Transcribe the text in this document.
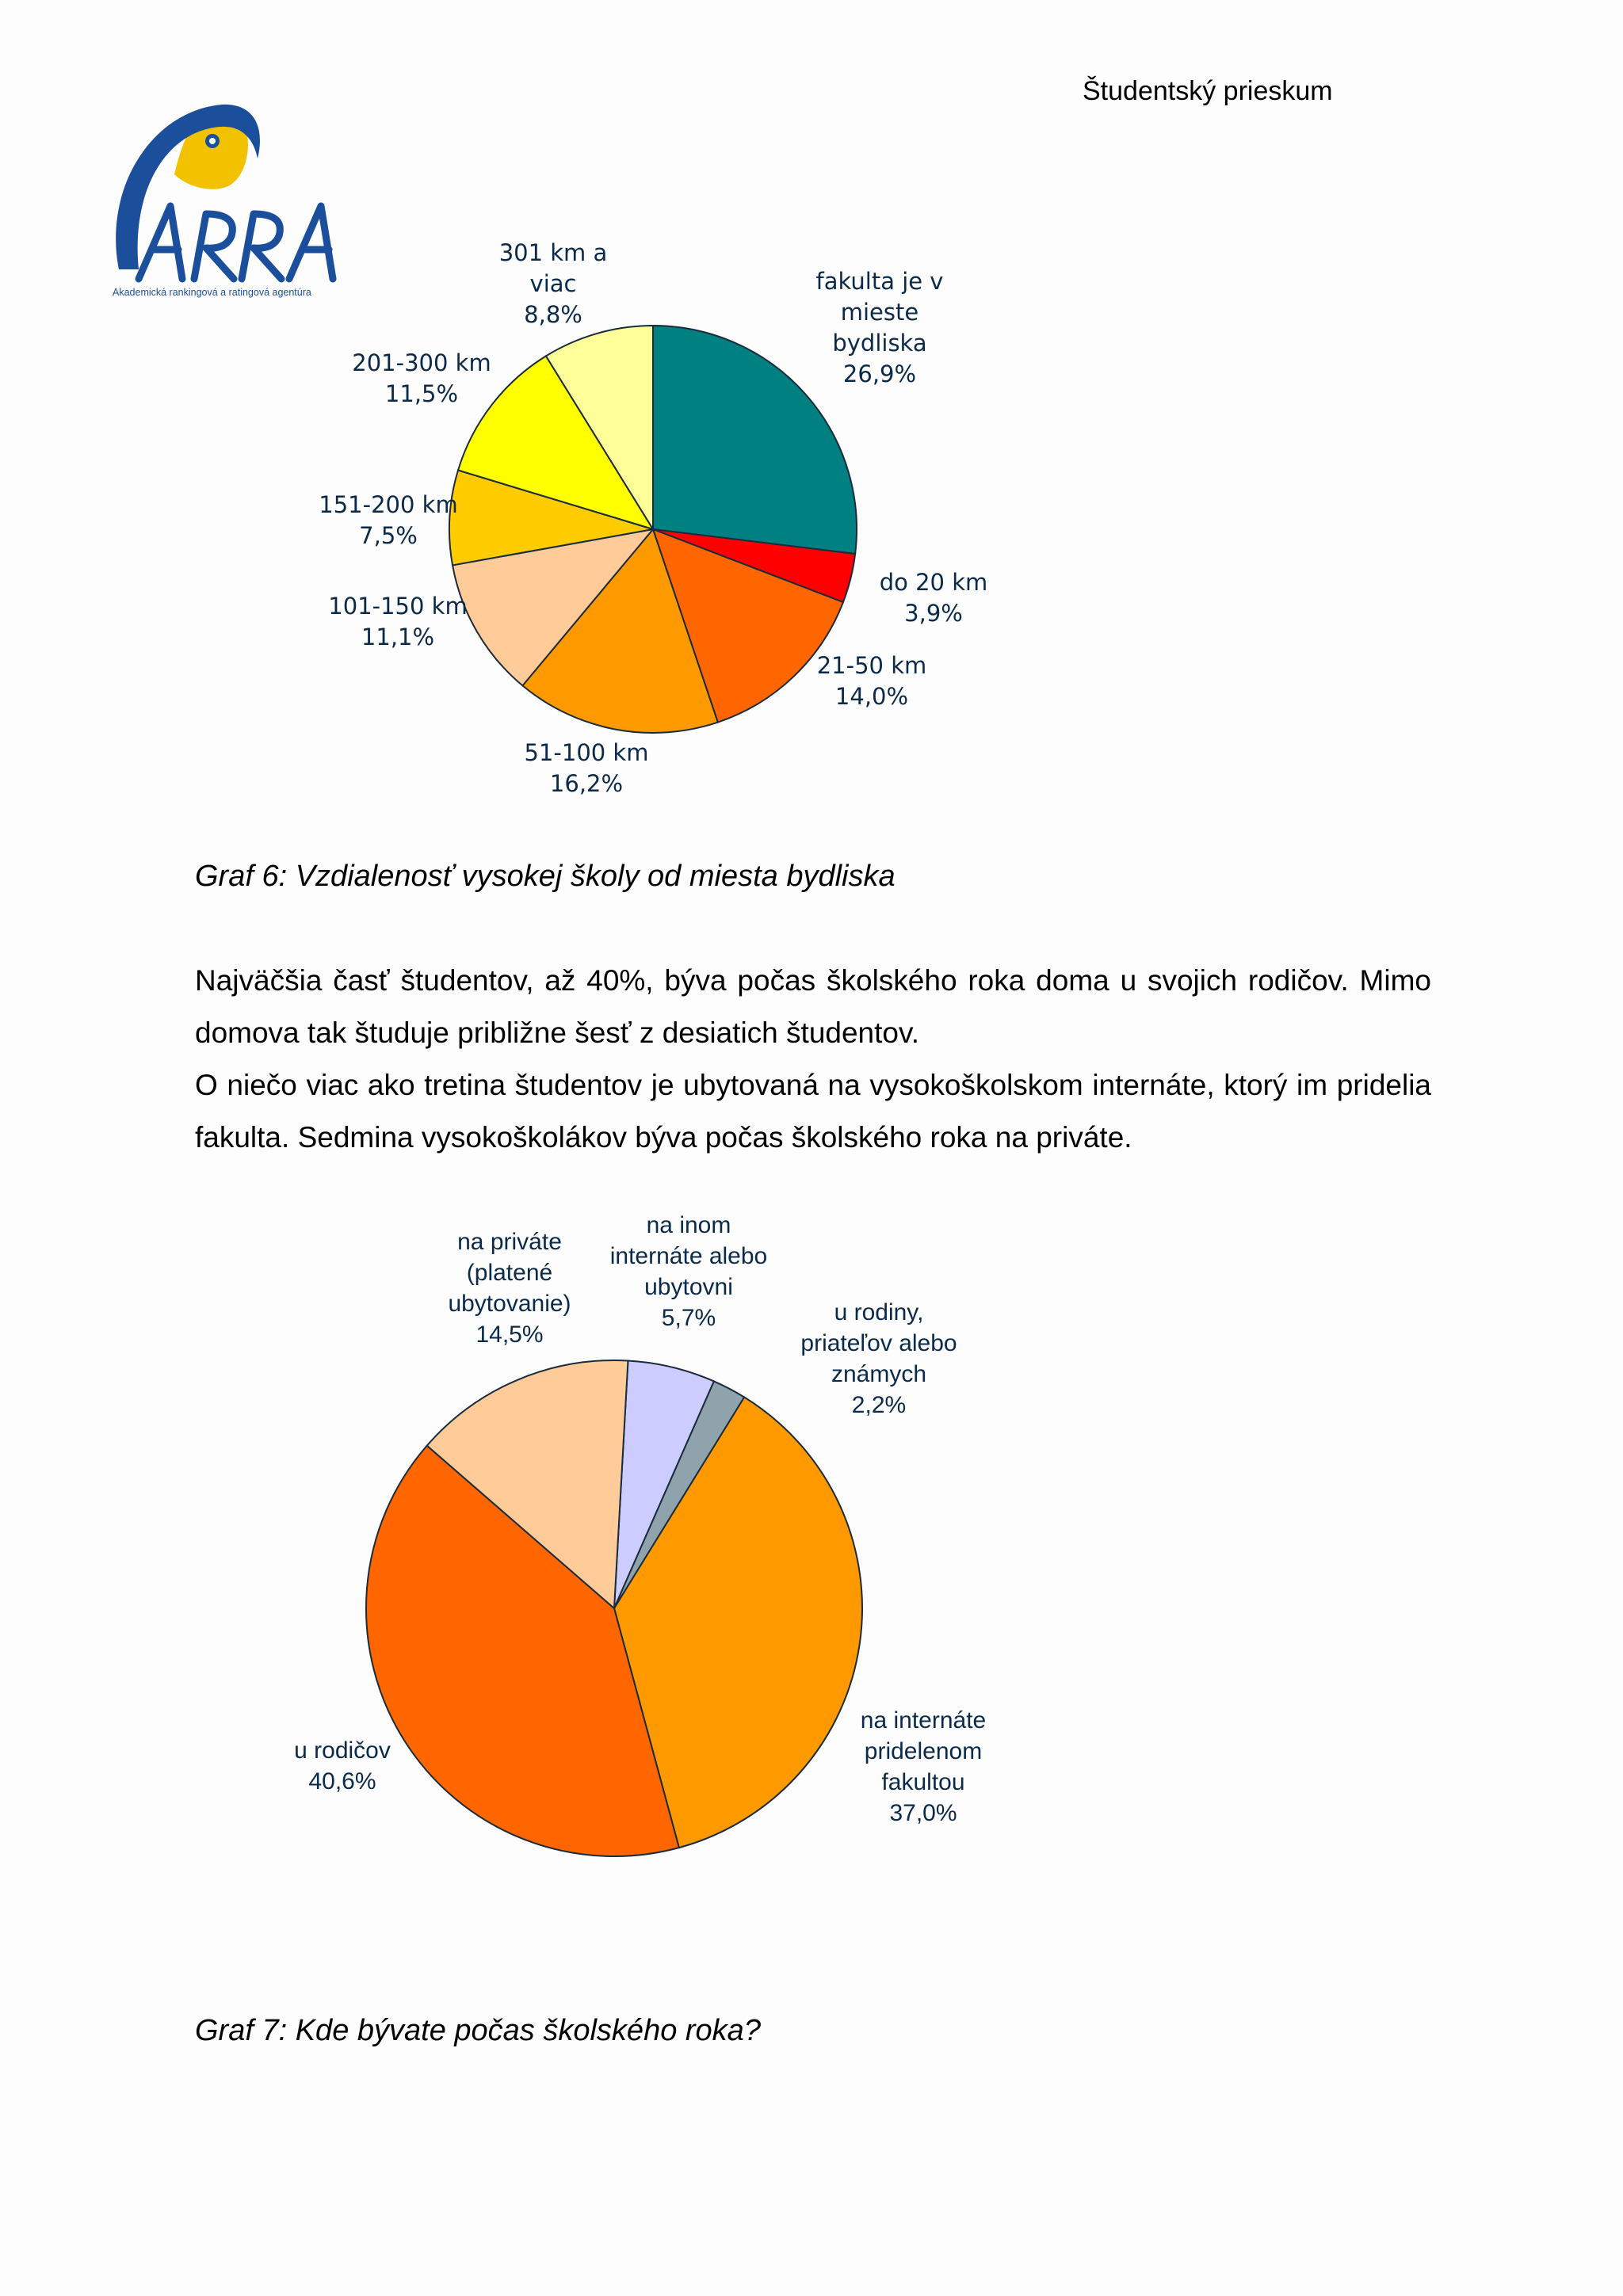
Študentský prieskum
Akademická rankingová a ratingová agentúra	fakulta je v mieste bydliska 26,9%
do 20 km 3,9%
21-50 km 14,0%
51-100 km 16,2%
101-150 km 11,1%
151-200 km 7,5%
201-300 km 11,5%
301 km a viac 8,8%
Graf 6: Vzdialenosť vysokej školy od miesta bydliska

Najväčšia časť študentov, až 40%, býva počas školského roka doma u svojich rodičov. Mimo domova tak študuje približne šesť z desiatich študentov.

O niečo viac ako tretina študentov je ubytovaná na vysokoškolskom internáte, ktorý im pridelia fakulta. Sedmina vysokoškolákov býva počas školského roka na priváte.

na inom internáte alebo ubytovni 5,7%	u rodiny, priateľov alebo známych 2,2%
na internáte pridelenom fakultou 37,0%
u rodičov 40,6%
na priváte (platené ubytovanie) 14,5%
Graf 7: Kde bývate počas školského roka?
